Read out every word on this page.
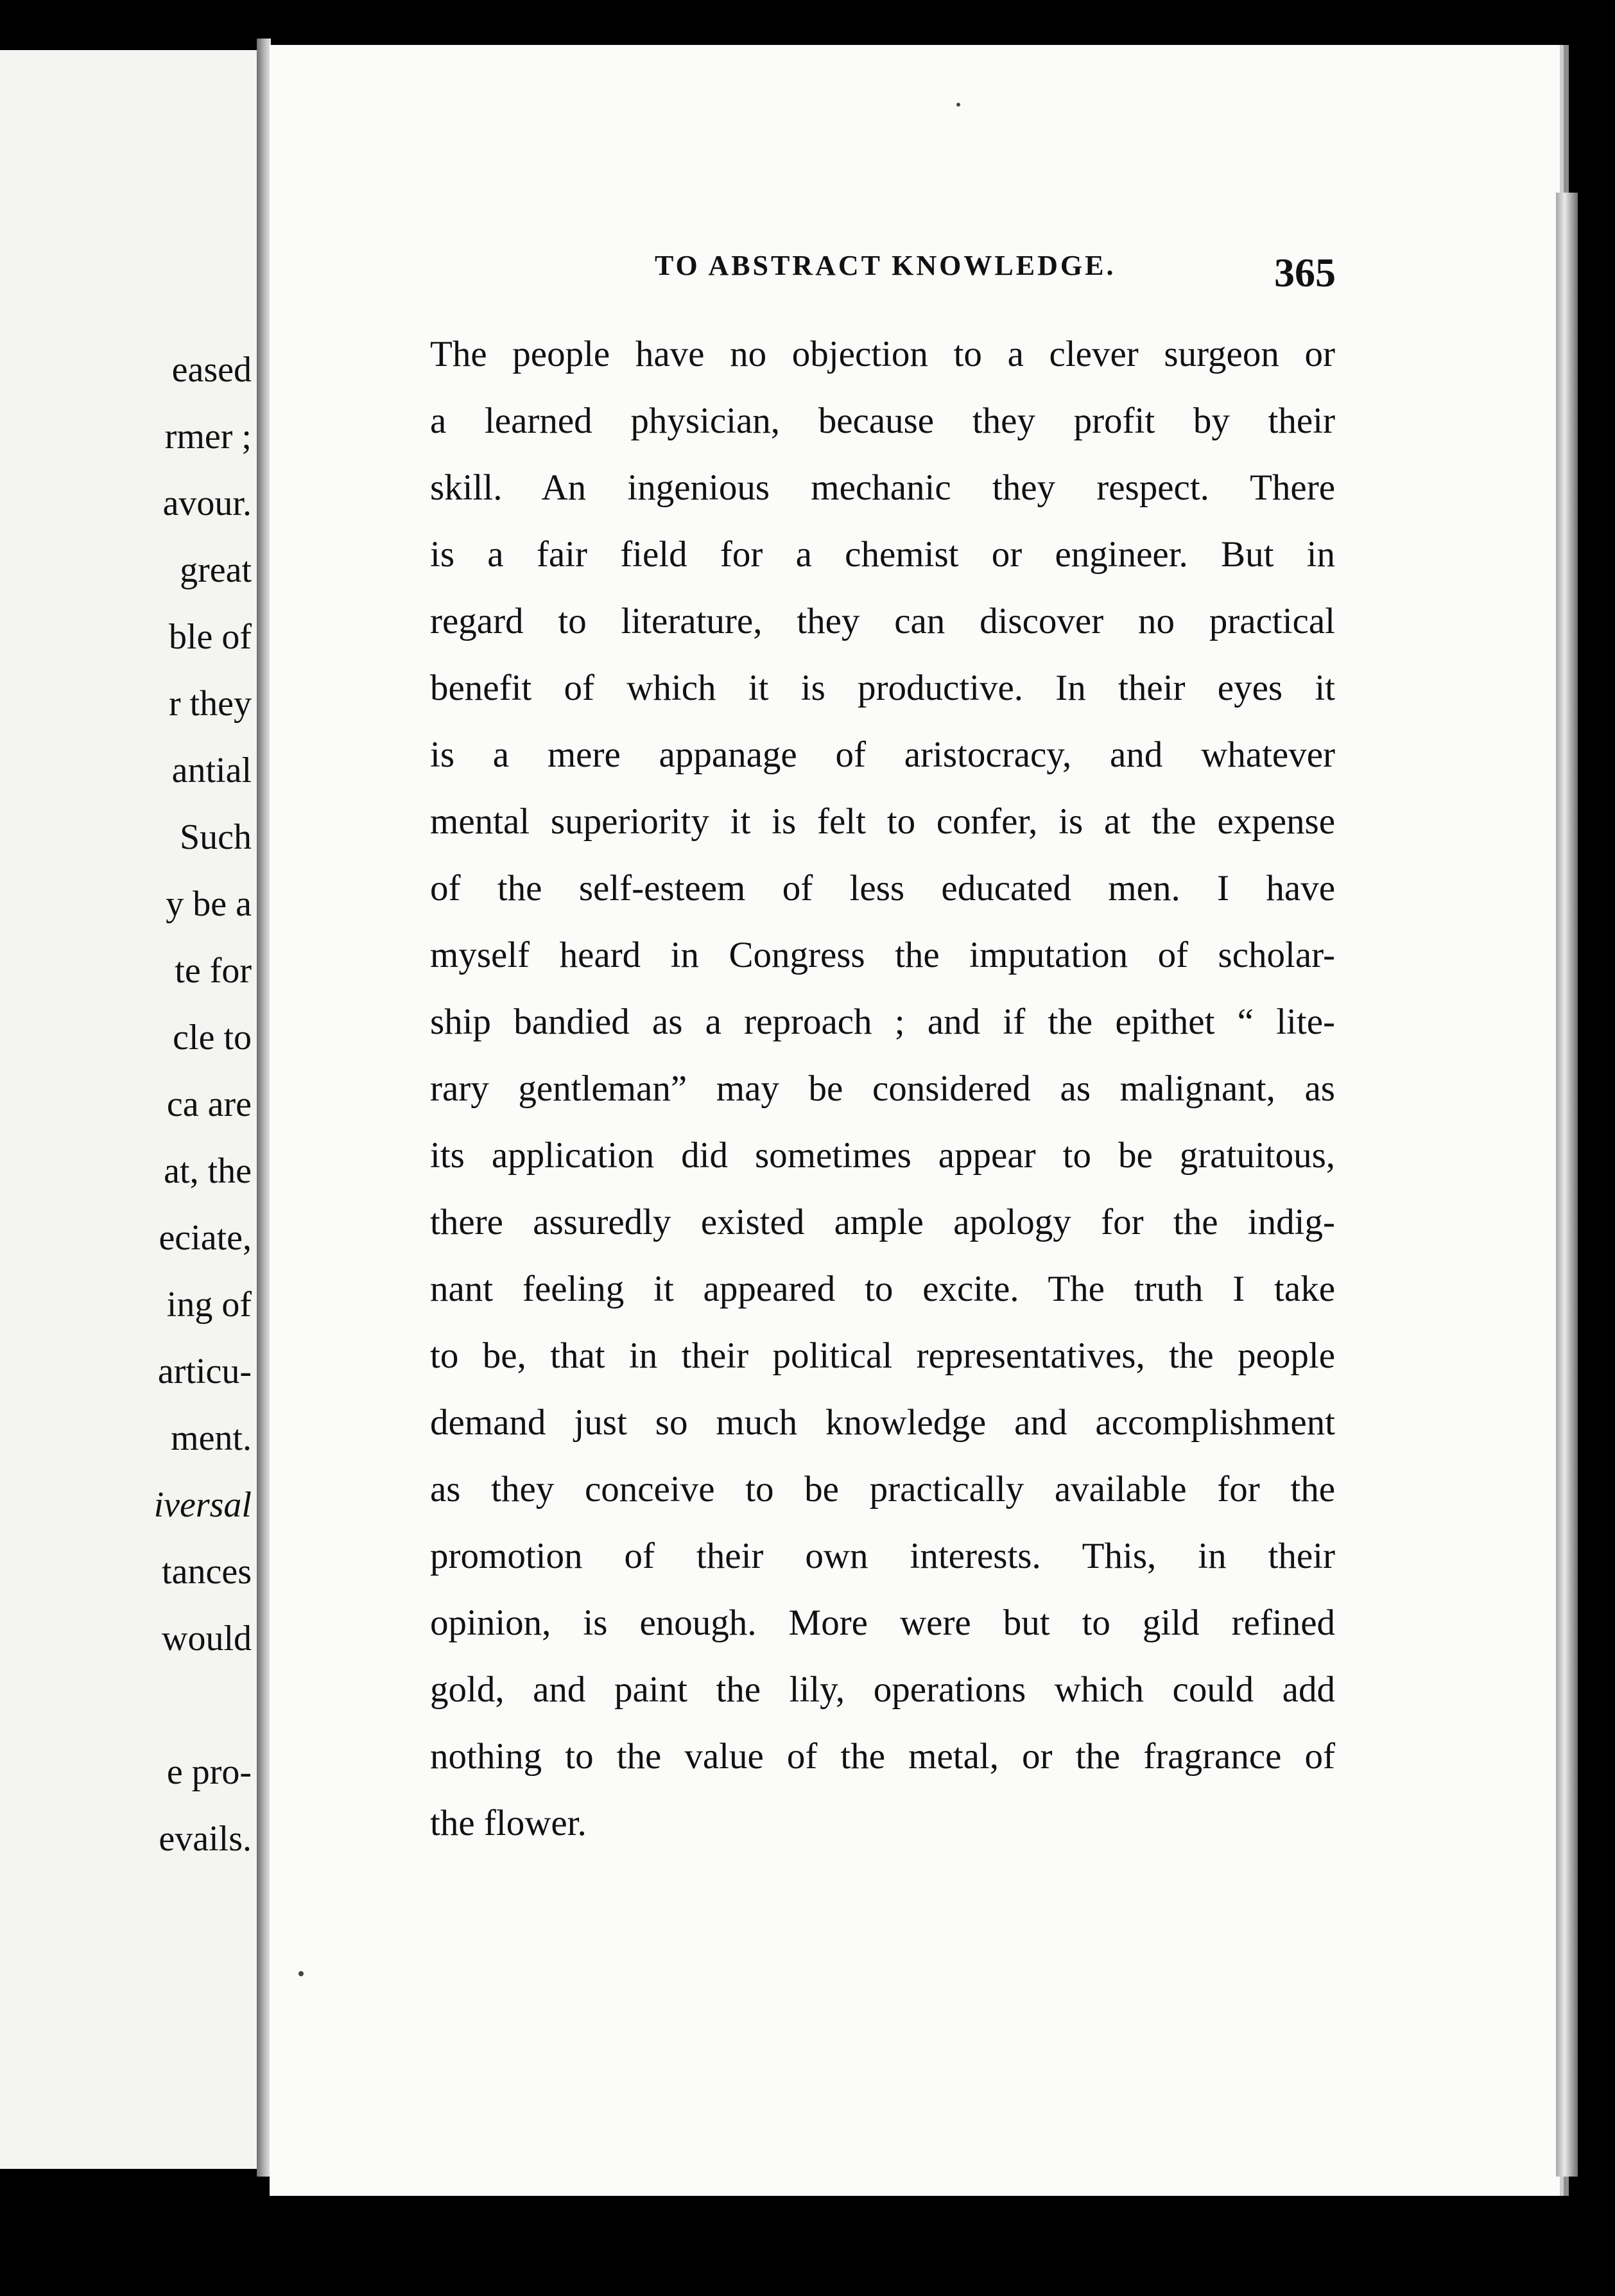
eased
rmer ;
avour.
great
ble of
r they
antial
Such
y be a
te for
cle to
ca are
at, the
eciate,
ing of
articu-
ment.
iversal
tances
would
e pro-
evails.
TO ABSTRACT KNOWLEDGE.	365
The people have no objection to a clever surgeon or
a learned physician, because they profit by their
skill. An ingenious mechanic they respect. There
is a fair field for a chemist or engineer. But in
regard to literature, they can discover no practical
benefit of which it is productive. In their eyes it
is a mere appanage of aristocracy, and whatever
mental superiority it is felt to confer, is at the expense
of the self-esteem of less educated men. I have
myself heard in Congress the imputation of scholar-
ship bandied as a reproach ; and if the epithet “ lite-
rary gentleman” may be considered as malignant, as
its application did sometimes appear to be gratuitous,
there assuredly existed ample apology for the indig-
nant feeling it appeared to excite. The truth I take
to be, that in their political representatives, the people
demand just so much knowledge and accomplishment
as they conceive to be practically available for the
promotion of their own interests. This, in their
opinion, is enough. More were but to gild refined
gold, and paint the lily, operations which could add
nothing to the value of the metal, or the fragrance of
the flower.
